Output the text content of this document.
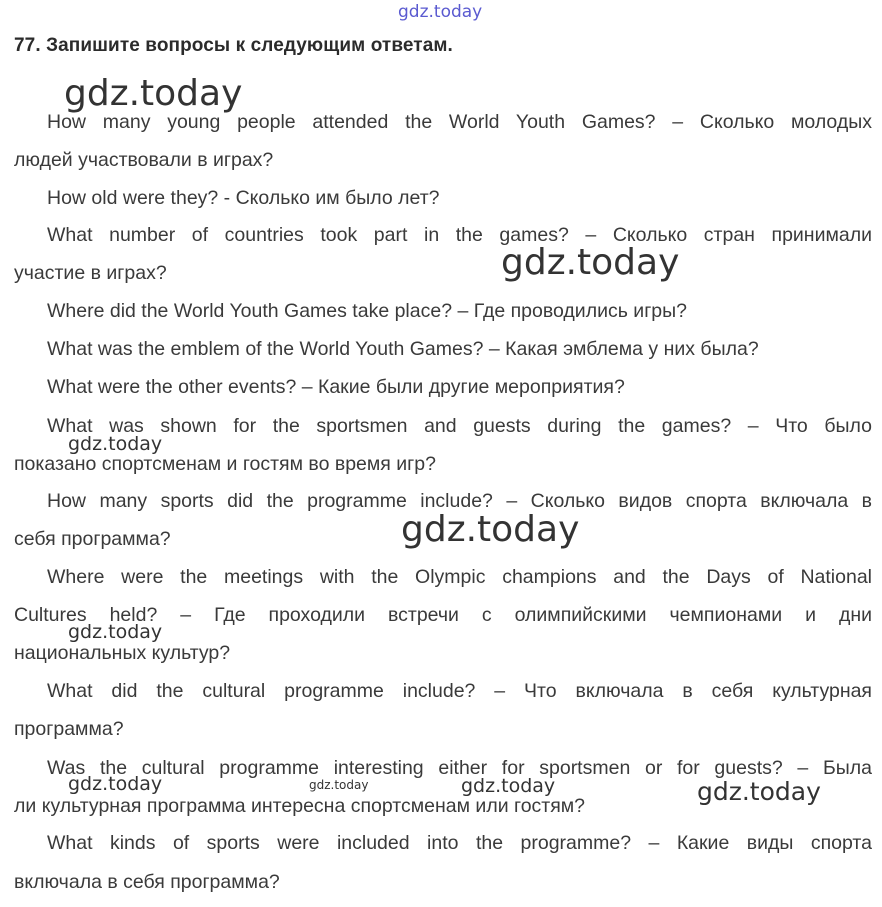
gdz.today
77. Запишите вопросы к следующим ответам.
How many young people attended the World Youth Games? – Сколько молодых
людей участвовали в играх?
How old were they? - Сколько им было лет?
What number of countries took part in the games? – Сколько стран принимали
участие в играх?
Where did the World Youth Games take place? – Где проводились игры?
What was the emblem of the World Youth Games? – Какая эмблема у них была?
What were the other events? – Какие были другие мероприятия?
What was shown for the sportsmen and guests during the games? – Что было
показано спортсменам и гостям во время игр?
How many sports did the programme include? – Сколько видов спорта включала в
себя программа?
Where were the meetings with the Olympic champions and the Days of National
Cultures held? – Где проходили встречи с олимпийскими чемпионами и дни
национальных культур?
What did the cultural programme include? – Что включала в себя культурная
программа?
Was the cultural programme interesting either for sportsmen or for guests? – Была
ли культурная программа интересна спортсменам или гостям?
What kinds of sports were included into the programme? – Какие виды спорта
включала в себя программа?
gdz.today
gdz.today
gdz.today
gdz.today
gdz.today
gdz.today	gdz.today	gdz.today	gdz.today
